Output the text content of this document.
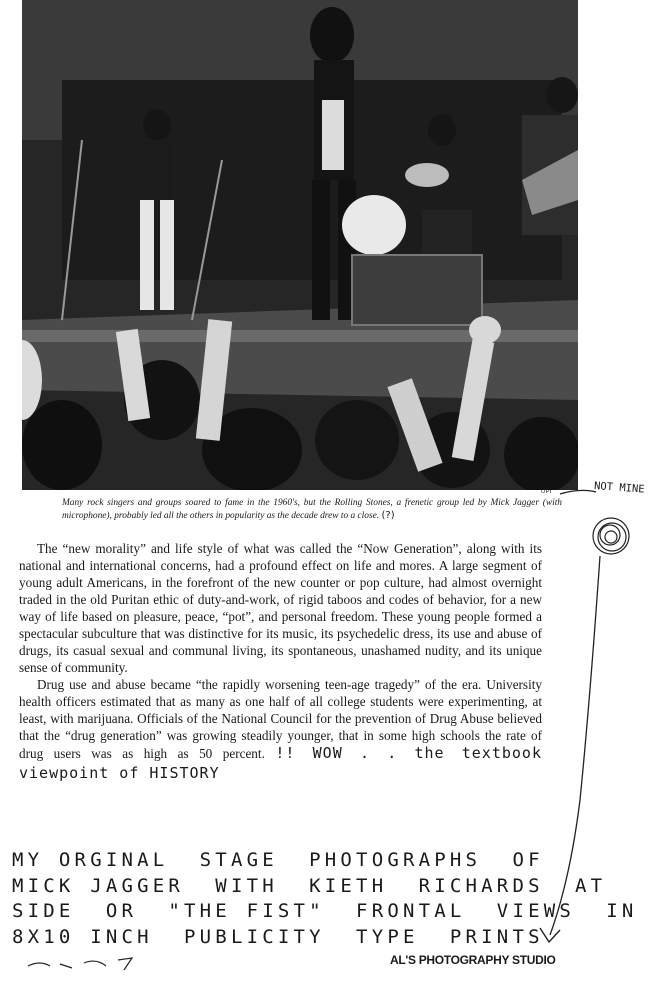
UPI
Many rock singers and groups soared to fame in the 1960's, but the Rolling Stones, a frenetic group led by Mick Jagger (with microphone), probably led all the others in popularity as the decade drew to a close. (?)

The “new morality” and life style of what was called the “Now Generation”, along with its national and international concerns, had a profound effect on life and mores. A large segment of young adult Americans, in the forefront of the new counter or pop culture, had almost overnight traded in the old Puritan ethic of duty-and-work, of rigid taboos and codes of behavior, for a new way of life based on pleasure, peace, “pot”, and personal freedom. These young people formed a spectacular subculture that was distinctive for its music, its psychedelic dress, its use and abuse of drugs, its casual sexual and communal living, its spontaneous, unashamed nudity, and its unique sense of community.

Drug use and abuse became “the rapidly worsening teen-age tragedy” of the era. University health officers estimated that as many as one half of all college students were experimenting, at least, with marijuana. Officials of the National Council for the prevention of Drug Abuse believed that the “drug generation” was growing steadily younger, that in some high schools the rate of drug users was as high as 50 percent. !! WOW . . the textbook viewpoint of HISTORY

NOT MINE
MY ORGINAL  STAGE  PHOTOGRAPHS  OF
MICK JAGGER  WITH  KIETH  RICHARDS  AT
SIDE  OR  "THE FIST"  FRONTAL  VIEWS  IN
8X10 INCH  PUBLICITY  TYPE  PRINTS
AL'S PHOTOGRAPHY STUDIO
